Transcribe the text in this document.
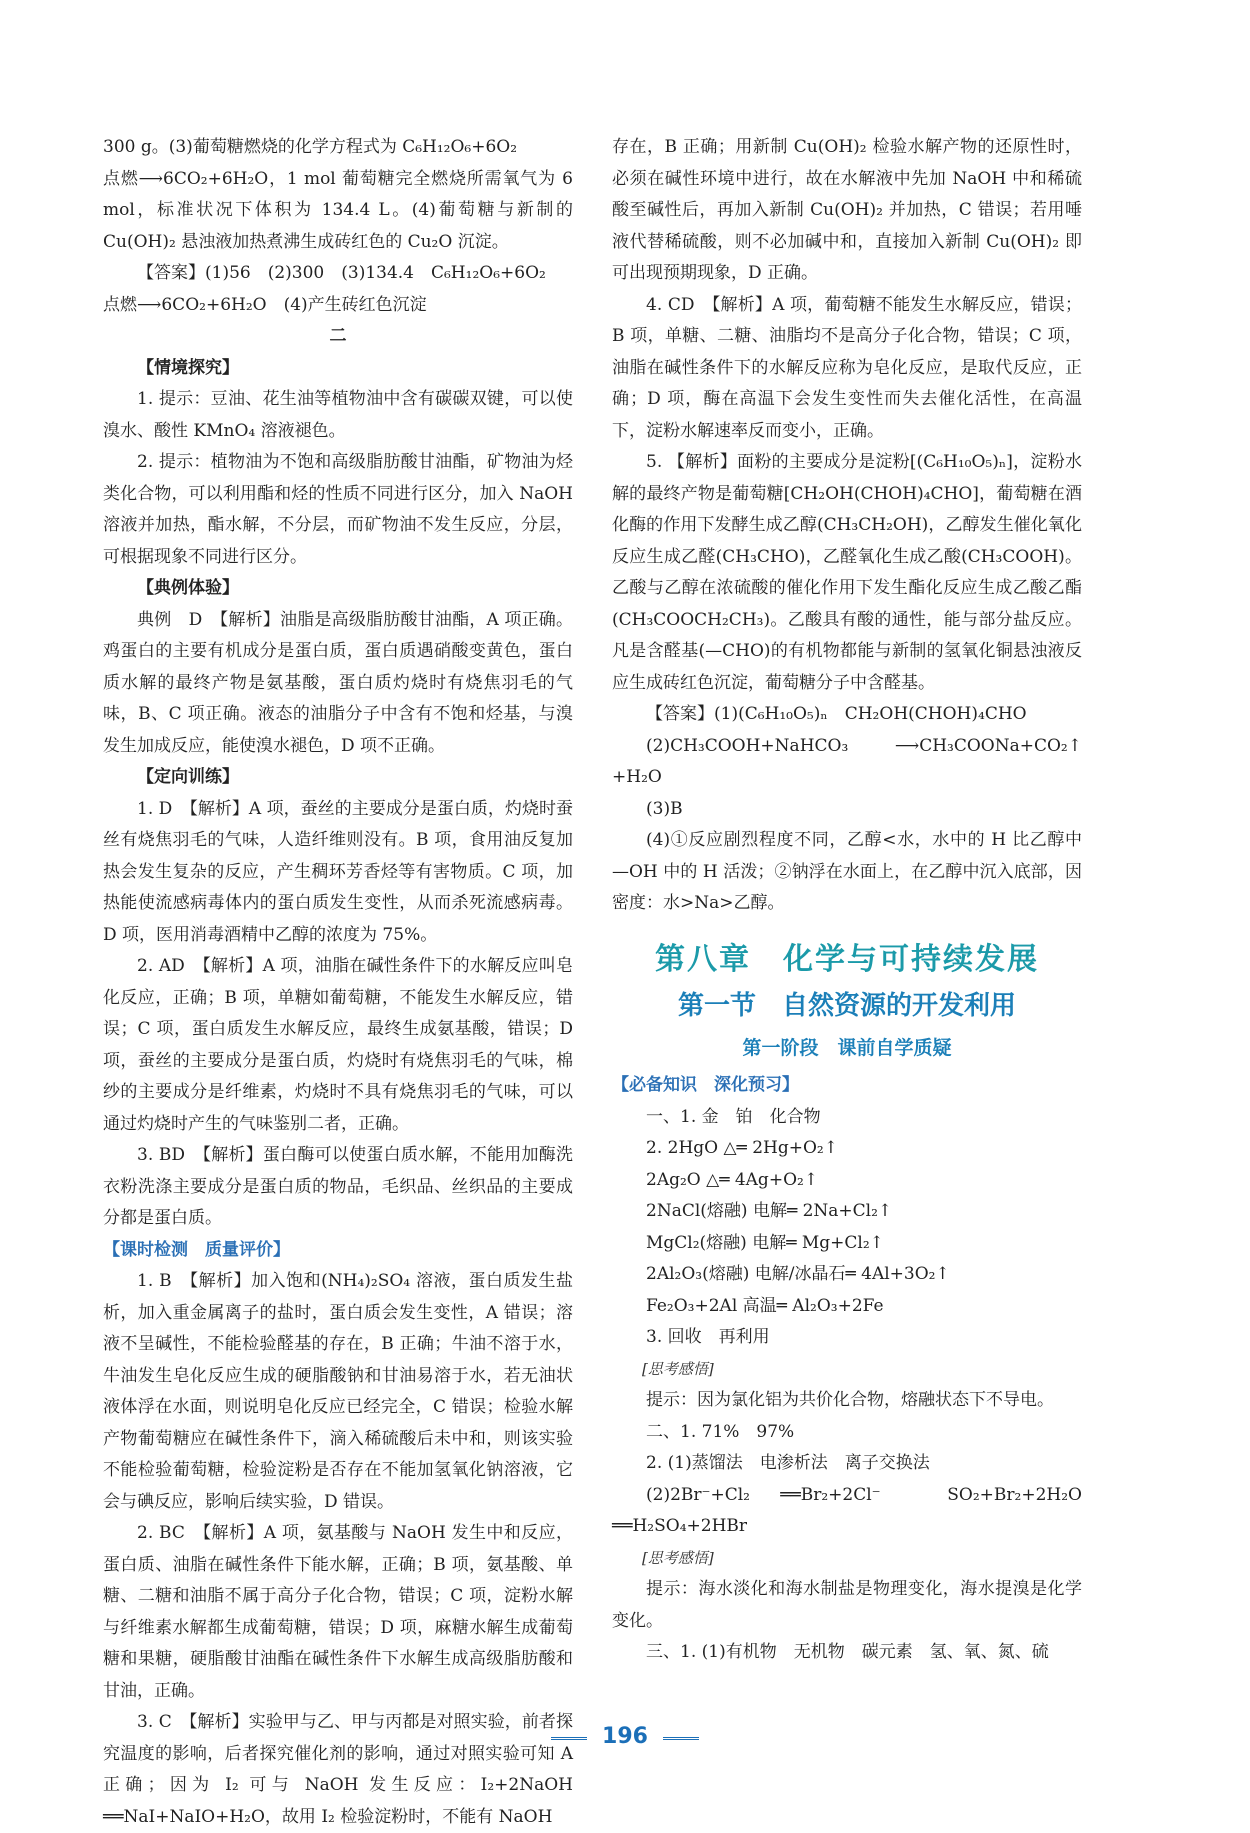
300 g。(3)葡萄糖燃烧的化学方程式为 C₆H₁₂O₆+6O₂

点燃⟶6CO₂+6H₂O，1 mol 葡萄糖完全燃烧所需氧气为 6 mol，标准状况下体积为 134.4 L。(4)葡萄糖与新制的 Cu(OH)₂ 悬浊液加热煮沸生成砖红色的 Cu₂O 沉淀。

【答案】(1)56　(2)300　(3)134.4　C₆H₁₂O₆+6O₂

点燃⟶6CO₂+6H₂O　(4)产生砖红色沉淀

二

【情境探究】

1. 提示：豆油、花生油等植物油中含有碳碳双键，可以使溴水、酸性 KMnO₄ 溶液褪色。

2. 提示：植物油为不饱和高级脂肪酸甘油酯，矿物油为烃类化合物，可以利用酯和烃的性质不同进行区分，加入 NaOH 溶液并加热，酯水解，不分层，而矿物油不发生反应，分层，可根据现象不同进行区分。

【典例体验】

典例　D　【解析】油脂是高级脂肪酸甘油酯，A 项正确。鸡蛋白的主要有机成分是蛋白质，蛋白质遇硝酸变黄色，蛋白质水解的最终产物是氨基酸，蛋白质灼烧时有烧焦羽毛的气味，B、C 项正确。液态的油脂分子中含有不饱和烃基，与溴发生加成反应，能使溴水褪色，D 项不正确。

【定向训练】

1. D　【解析】A 项，蚕丝的主要成分是蛋白质，灼烧时蚕丝有烧焦羽毛的气味，人造纤维则没有。B 项，食用油反复加热会发生复杂的反应，产生稠环芳香烃等有害物质。C 项，加热能使流感病毒体内的蛋白质发生变性，从而杀死流感病毒。D 项，医用消毒酒精中乙醇的浓度为 75%。

2. AD　【解析】A 项，油脂在碱性条件下的水解反应叫皂化反应，正确；B 项，单糖如葡萄糖，不能发生水解反应，错误；C 项，蛋白质发生水解反应，最终生成氨基酸，错误；D 项，蚕丝的主要成分是蛋白质，灼烧时有烧焦羽毛的气味，棉纱的主要成分是纤维素，灼烧时不具有烧焦羽毛的气味，可以通过灼烧时产生的气味鉴别二者，正确。

3. BD　【解析】蛋白酶可以使蛋白质水解，不能用加酶洗衣粉洗涤主要成分是蛋白质的物品，毛织品、丝织品的主要成分都是蛋白质。

【课时检测　质量评价】

1. B　【解析】加入饱和(NH₄)₂SO₄ 溶液，蛋白质发生盐析，加入重金属离子的盐时，蛋白质会发生变性，A 错误；溶液不呈碱性，不能检验醛基的存在，B 正确；牛油不溶于水，牛油发生皂化反应生成的硬脂酸钠和甘油易溶于水，若无油状液体浮在水面，则说明皂化反应已经完全，C 错误；检验水解产物葡萄糖应在碱性条件下，滴入稀硫酸后未中和，则该实验不能检验葡萄糖，检验淀粉是否存在不能加氢氧化钠溶液，它会与碘反应，影响后续实验，D 错误。

2. BC　【解析】A 项，氨基酸与 NaOH 发生中和反应，蛋白质、油脂在碱性条件下能水解，正确；B 项，氨基酸、单糖、二糖和油脂不属于高分子化合物，错误；C 项，淀粉水解与纤维素水解都生成葡萄糖，错误；D 项，麻糖水解生成葡萄糖和果糖，硬脂酸甘油酯在碱性条件下水解生成高级脂肪酸和甘油，正确。

3. C　【解析】实验甲与乙、甲与丙都是对照实验，前者探究温度的影响，后者探究催化剂的影响，通过对照实验可知 A 正确；因为 I₂ 可与 NaOH 发生反应：I₂+2NaOH ══NaI+NaIO+H₂O，故用 I₂ 检验淀粉时，不能有 NaOH

存在，B 正确；用新制 Cu(OH)₂ 检验水解产物的还原性时，必须在碱性环境中进行，故在水解液中先加 NaOH 中和稀硫酸至碱性后，再加入新制 Cu(OH)₂ 并加热，C 错误；若用唾液代替稀硫酸，则不必加碱中和，直接加入新制 Cu(OH)₂ 即可出现预期现象，D 正确。

4. CD　【解析】A 项，葡萄糖不能发生水解反应，错误；B 项，单糖、二糖、油脂均不是高分子化合物，错误；C 项，油脂在碱性条件下的水解反应称为皂化反应，是取代反应，正确；D 项，酶在高温下会发生变性而失去催化活性，在高温下，淀粉水解速率反而变小，正确。

5. 【解析】面粉的主要成分是淀粉[(C₆H₁₀O₅)ₙ]，淀粉水解的最终产物是葡萄糖[CH₂OH(CHOH)₄CHO]，葡萄糖在酒化酶的作用下发酵生成乙醇(CH₃CH₂OH)，乙醇发生催化氧化反应生成乙醛(CH₃CHO)，乙醛氧化生成乙酸(CH₃COOH)。乙酸与乙醇在浓硫酸的催化作用下发生酯化反应生成乙酸乙酯(CH₃COOCH₂CH₃)。乙酸具有酸的通性，能与部分盐反应。凡是含醛基(—CHO)的有机物都能与新制的氢氧化铜悬浊液反应生成砖红色沉淀，葡萄糖分子中含醛基。

【答案】(1)(C₆H₁₀O₅)ₙ　CH₂OH(CHOH)₄CHO

(2)CH₃COOH+NaHCO₃ ⟶CH₃COONa+CO₂↑ +H₂O

(3)B

(4)①反应剧烈程度不同，乙醇<水，水中的 H 比乙醇中—OH 中的 H 活泼；②钠浮在水面上，在乙醇中沉入底部，因密度：水>Na>乙醇。

第八章　化学与可持续发展
第一节　自然资源的开发利用
第一阶段　课前自学质疑

【必备知识　深化预习】

一、1. 金　铂　化合物

2. 2HgO △═ 2Hg+O₂↑

2Ag₂O △═ 4Ag+O₂↑

2NaCl(熔融) 电解═ 2Na+Cl₂↑

MgCl₂(熔融) 电解═ Mg+Cl₂↑

2Al₂O₃(熔融) 电解/冰晶石═ 4Al+3O₂↑

Fe₂O₃+2Al 高温═ Al₂O₃+2Fe

3. 回收　再利用

[思考感悟]

提示：因为氯化铝为共价化合物，熔融状态下不导电。

二、1. 71%　97%

2. (1)蒸馏法　电渗析法　离子交换法

(2)2Br⁻+Cl₂ ══Br₂+2Cl⁻　SO₂+Br₂+2H₂O ══H₂SO₄+2HBr

[思考感悟]

提示：海水淡化和海水制盐是物理变化，海水提溴是化学变化。

三、1. (1)有机物　无机物　碳元素　氢、氧、氮、硫

196
